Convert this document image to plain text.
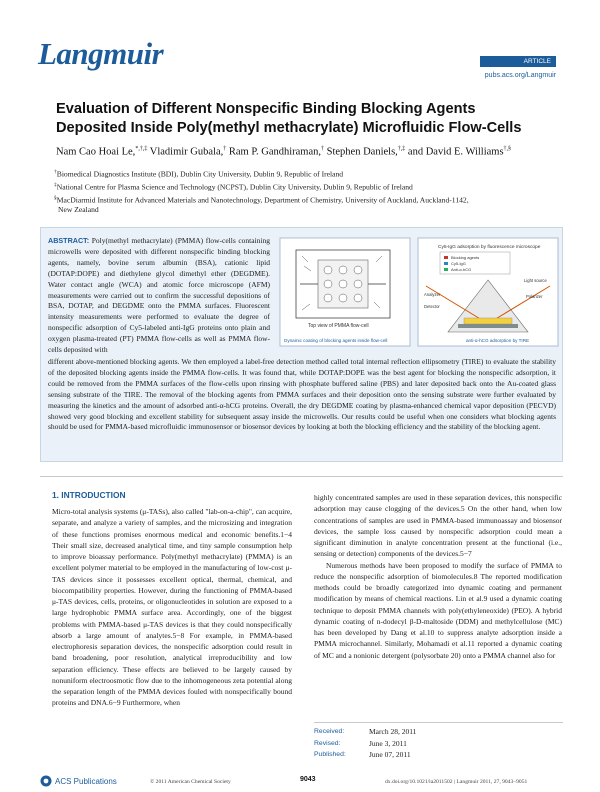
Langmuir	ARTICLE
pubs.acs.org/Langmuir
Evaluation of Different Nonspecific Binding Blocking Agents
Deposited Inside Poly(methyl methacrylate) Microfluidic Flow-Cells
Nam Cao Hoai Le,*,†,‡ Vladimir Gubala,† Ram P. Gandhiraman,† Stephen Daniels,†,‡ and David E. Williams†,§
†Biomedical Diagnostics Institute (BDI), Dublin City University, Dublin 9, Republic of Ireland
‡National Centre for Plasma Science and Technology (NCPST), Dublin City University, Dublin 9, Republic of Ireland
§MacDiarmid Institute for Advanced Materials and Nanotechnology, Department of Chemistry, University of Auckland, Auckland-1142,
New Zealand
ABSTRACT: Poly(methyl methacrylate) (PMMA) flow-cells containing microwells were deposited with different nonspecific binding blocking agents, namely, bovine serum albumin (BSA), cationic lipid (DOTAP:DOPE) and diethylene glycol dimethyl ether (DEGDME). Water contact angle (WCA) and atomic force microscope (AFM) measurements were carried out to confirm the successful depositions of BSA, DOTAP, and DEGDME onto the PMMA surfaces. Fluorescent intensity measurements were performed to evaluate the degree of nonspecific adsorption of Cy5-labeled anti-IgG proteins onto plain and oxygen plasma-treated (PT) PMMA flow-cells as well as PMMA flow-cells deposited with
different above-mentioned blocking agents. We then employed a label-free detection method called total internal reflection ellipsometry (TIRE) to evaluate the stability of the deposited blocking agents inside the PMMA flow-cells. It was found that, while DOTAP:DOPE was the best agent for blocking the nonspecific adsorption, it could be removed from the PMMA surfaces of the flow-cells upon rinsing with phosphate buffered saline (PBS) and later deposited back onto the Au-coated glass sensing substrate of the TIRE. The removal of the blocking agents from PMMA surfaces and their deposition onto the sensing substrate were further evaluated by measuring the kinetics and the amount of adsorbed anti-α-hCG proteins. Overall, the dry DEGDME coating by plasma-enhanced chemical vapor deposition (PECVD) showed very good blocking and excellent stability for subsequent assay inside the microwells. Our results could be useful when one considers what blocking agents should be used for PMMA-based microfluidic immunosensor or biosensor devices by looking at both the blocking efficiency and the stability of the blocking agent.
Top view of PMMA flow-cell
Dynamic coating of blocking agents inside flow-cell
Cy5-IgG adsorption by fluorescence microscope
Blocking agents
Cy5-IgG
Anti-α-hCG
Analyzer
Light source
Polarizer
Detector
anti-α-hCG adsorption by TIRE
1. INTRODUCTION
Micro-total analysis systems (μ-TASs), also called "lab-on-a-chip", can acquire, separate, and analyze a variety of samples, and the microsizing and integration of these functions promises enormous medical and economic benefits.1−4 Their small size, decreased analytical time, and tiny sample consumption help to improve bioassay performance. Poly(methyl methacrylate) (PMMA) is an excellent polymer material to be employed in the manufacturing of low-cost μ-TAS devices since it possesses excellent optical, thermal, chemical, and biocompatibility properties. However, during the functioning of PMMA-based μ-TAS devices, cells, proteins, or oligonucleotides in solution are exposed to a large hydrophobic PMMA surface area. Accordingly, one of the biggest problems with PMMA-based μ-TAS devices is that they could nonspecifically absorb a large amount of analytes.5−8 For example, in PMMA-based electrophoresis separation devices, the nonspecific adsorption could result in band broadening, poor resolution, analytical irreproducibility and low separation efficiency. These effects are believed to be largely caused by nonuniform electroosmotic flow due to the inhomogeneous zeta potential along the separation length of the PMMA devices fouled with nonspecifically bound proteins and DNA.6−9 Furthermore, when

highly concentrated samples are used in these separation devices, this nonspecific adsorption may cause clogging of the devices.5 On the other hand, when low concentrations of samples are used in PMMA-based immunoassay and biosensor devices, the sample loss caused by nonspecific adsorption could mean a significant diminution in analyte concentration present at the functional (i.e., sensing or detection) components of the devices.5−7

Numerous methods have been proposed to modify the surface of PMMA to reduce the nonspecific adsorption of biomolecules.8 The reported modification methods could be broadly categorized into dynamic coating and permanent modification by means of chemical reactions. Lin et al.9 used a dynamic coating technique to deposit PMMA channels with poly(ethyleneoxide) (PEO). A hybrid dynamic coating of n-dodecyl β-D-maltoside (DDM) and methylcellulose (MC) has been developed by Dang et al.10 to suppress analyte adsorption inside a PMMA microchannel. Similarly, Mohamadi et al.11 reported a dynamic coating of MC and a nonionic detergent (polysorbate 20) onto a PMMA channel also for

Received:	March 28, 2011
Revised:	June 3, 2011
Published:	June 07, 2011
ACS Publications	© 2011 American Chemical Society	9043	dx.doi.org/10.1021/la2011502 | Langmuir 2011, 27, 9043–9051
